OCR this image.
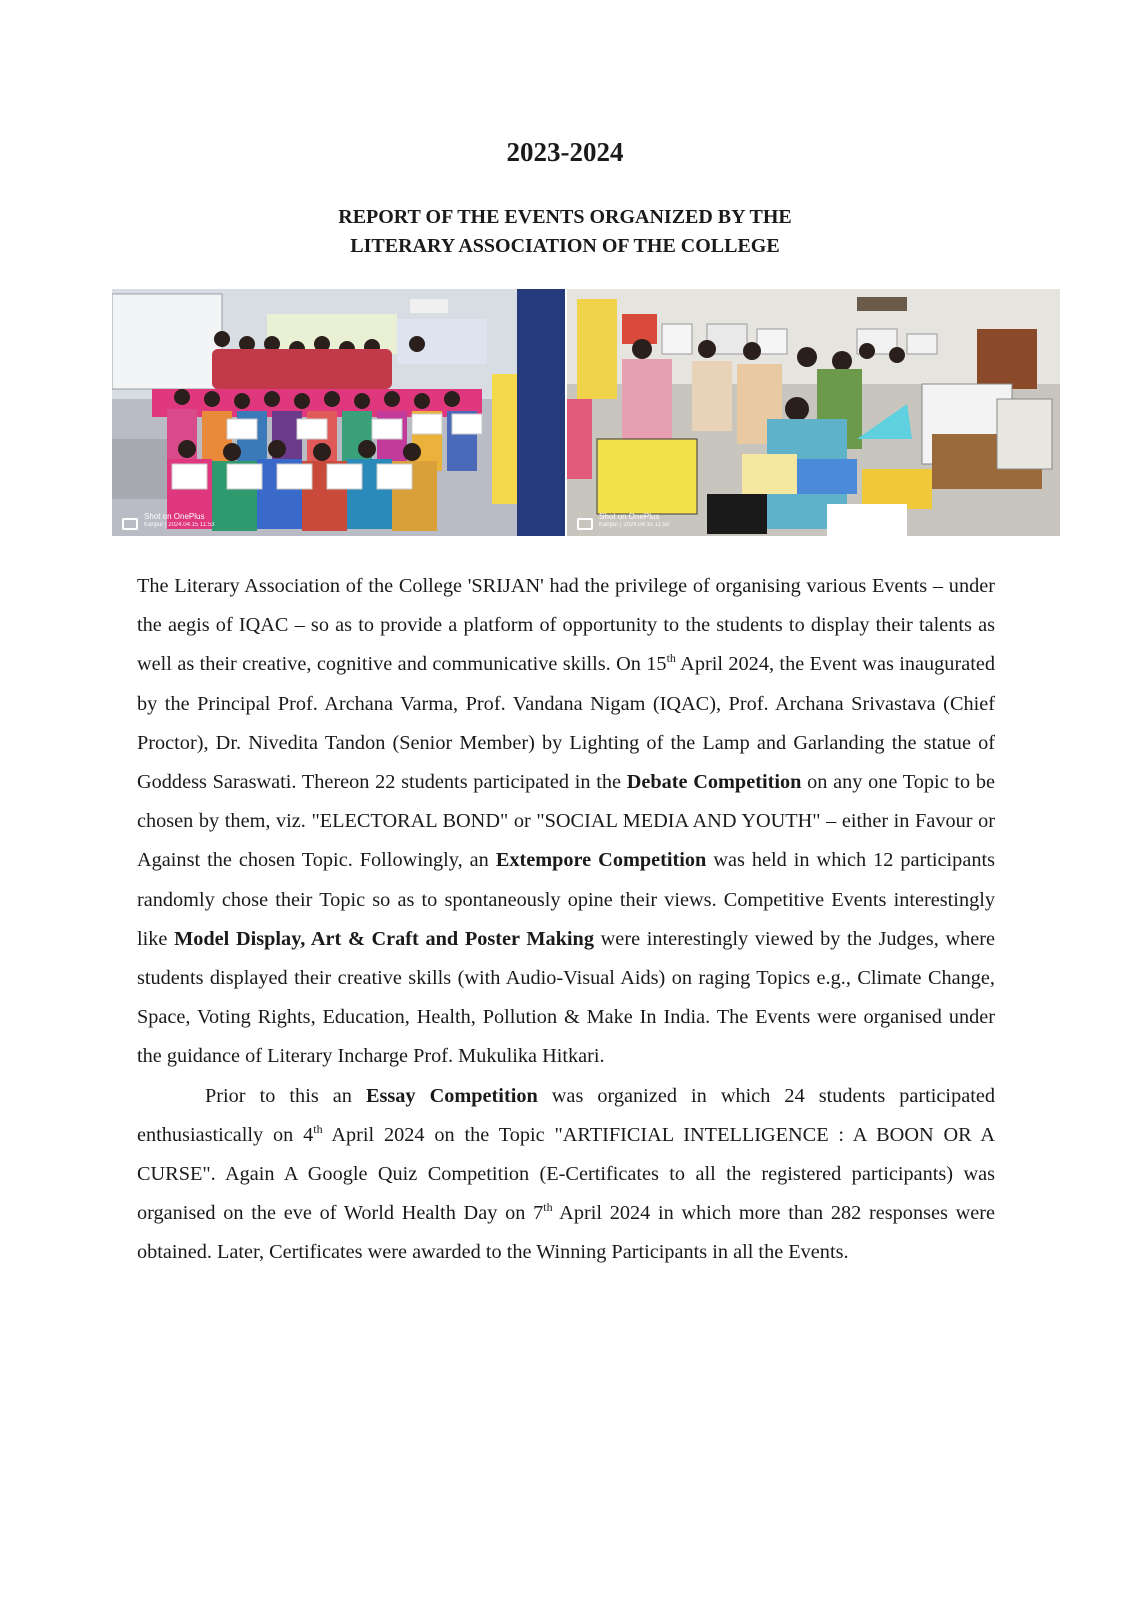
2023-2024
REPORT OF THE EVENTS ORGANIZED BY THE
LITERARY ASSOCIATION OF THE COLLEGE
Shot on OnePlus
Kanpur | 2024.04.15 11:53
Shot on OnePlus
Kanpur | 2024.04.15 11:50

The Literary Association of the College 'SRIJAN' had the privilege of organising various Events – under the aegis of IQAC – so as to provide a platform of opportunity to the students to display their talents as well as their creative, cognitive and communicative skills. On 15th April 2024, the Event was inaugurated by the Principal Prof. Archana Varma, Prof. Vandana Nigam (IQAC), Prof. Archana Srivastava (Chief Proctor), Dr. Nivedita Tandon (Senior Member) by Lighting of the Lamp and Garlanding the statue of Goddess Saraswati. Thereon 22 students participated in the Debate Competition on any one Topic to be chosen by them, viz. "ELECTORAL BOND" or "SOCIAL MEDIA AND YOUTH" – either in Favour or Against the chosen Topic. Followingly, an Extempore Competition was held in which 12 participants randomly chose their Topic so as to spontaneously opine their views. Competitive Events interestingly like Model Display, Art & Craft and Poster Making were interestingly viewed by the Judges, where students displayed their creative skills (with Audio-Visual Aids) on raging Topics e.g., Climate Change, Space, Voting Rights, Education, Health, Pollution & Make In India. The Events were organised under the guidance of Literary Incharge Prof. Mukulika Hitkari.

Prior to this an Essay Competition was organized in which 24 students participated enthusiastically on 4th April 2024 on the Topic "ARTIFICIAL INTELLIGENCE : A BOON OR A CURSE". Again A Google Quiz Competition (E-Certificates to all the registered participants) was organised on the eve of World Health Day on 7th April 2024 in which more than 282 responses were obtained. Later, Certificates were awarded to the Winning Participants in all the Events.
